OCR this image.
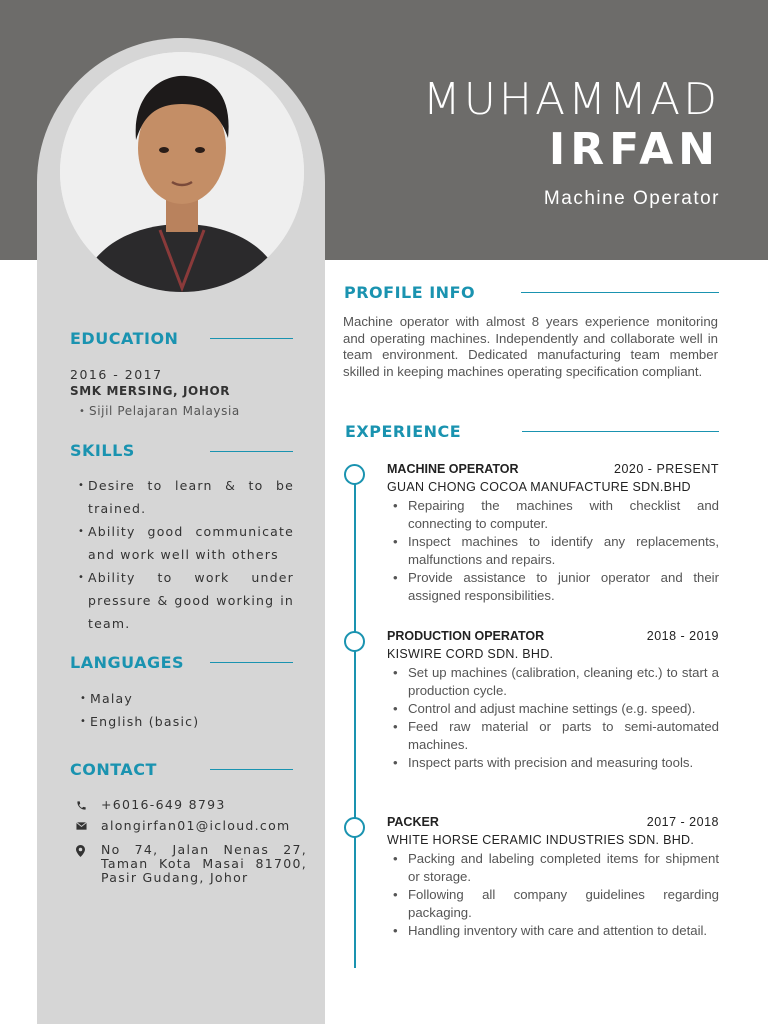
MUHAMMAD
IRFAN
Machine Operator
EDUCATION
2016 - 2017
SMK MERSING, JOHOR
• Sijil Pelajaran Malaysia
SKILLS
• Desire to learn & to be trained.
• Ability good communicate and work well with others
• Ability to work under pressure & good working in team.
LANGUAGES
• Malay
• English (basic)
CONTACT
+6016-649 8793
alongirfan01@icloud.com
No 74, Jalan Nenas 27,
Taman Kota Masai 81700,
Pasir Gudang, Johor
PROFILE INFO
Machine operator with almost 8 years experience monitoring and operating machines. Independently and collaborate well in team environment. Dedicated manufacturing team member skilled in keeping machines operating specification compliant.
EXPERIENCE
MACHINE OPERATOR	2020 - PRESENT
GUAN CHONG COCOA MANUFACTURE SDN.BHD
• Repairing the machines with checklist and connecting to computer.
• Inspect machines to identify any replacements, malfunctions and repairs.
• Provide assistance to junior operator and their assigned responsibilities.
PRODUCTION OPERATOR	2018 - 2019
KISWIRE CORD SDN. BHD.
• Set up machines (calibration, cleaning etc.) to start a production cycle.
• Control and adjust machine settings (e.g. speed).
• Feed raw material or parts to semi-automated machines.
• Inspect parts with precision and measuring tools.
PACKER	2017 - 2018
WHITE HORSE CERAMIC INDUSTRIES SDN. BHD.
• Packing and labeling completed items for shipment or storage.
• Following all company guidelines regarding packaging.
• Handling inventory with care and attention to detail.
